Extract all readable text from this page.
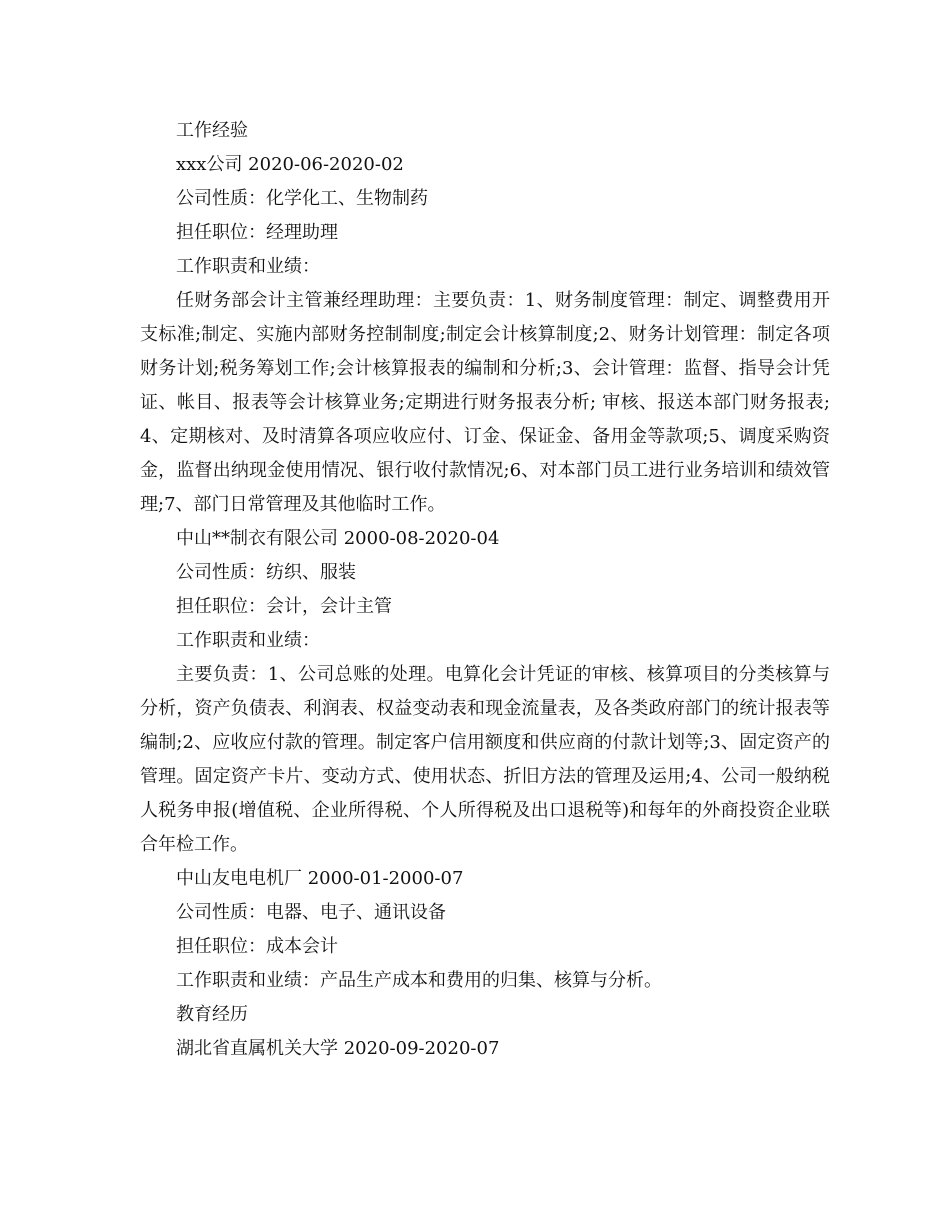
工作经验

xxx公司 2020-06-2020-02

公司性质：化学化工、生物制药

担任职位：经理助理

工作职责和业绩：

任财务部会计主管兼经理助理：主要负责：1、财务制度管理：制定、调整费用开支标准;制定、实施内部财务控制制度;制定会计核算制度;2、财务计划管理：制定各项财务计划;税务筹划工作;会计核算报表的编制和分析;3、会计管理：监督、指导会计凭证、帐目、报表等会计核算业务;定期进行财务报表分析; 审核、报送本部门财务报表;4、定期核对、及时清算各项应收应付、订金、保证金、备用金等款项;5、调度采购资金，监督出纳现金使用情况、银行收付款情况;6、对本部门员工进行业务培训和绩效管理;7、部门日常管理及其他临时工作。

中山**制衣有限公司 2000-08-2020-04

公司性质：纺织、服装

担任职位：会计，会计主管

工作职责和业绩：

主要负责：1、公司总账的处理。电算化会计凭证的审核、核算项目的分类核算与分析，资产负债表、利润表、权益变动表和现金流量表，及各类政府部门的统计报表等编制;2、应收应付款的管理。制定客户信用额度和供应商的付款计划等;3、固定资产的管理。固定资产卡片、变动方式、使用状态、折旧方法的管理及运用;4、公司一般纳税人税务申报(增值税、企业所得税、个人所得税及出口退税等)和每年的外商投资企业联合年检工作。

中山友电电机厂 2000-01-2000-07

公司性质：电器、电子、通讯设备

担任职位：成本会计

工作职责和业绩：产品生产成本和费用的归集、核算与分析。

教育经历

湖北省直属机关大学 2020-09-2020-07
